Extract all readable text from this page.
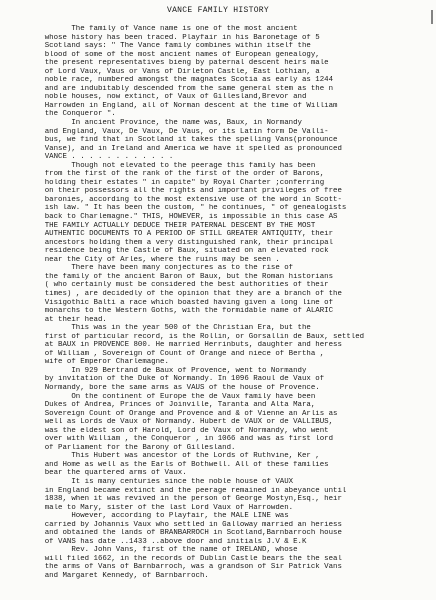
VANCE FAMILY HISTORY
The family of Vance name is one of the most ancient
whose history has been traced. Playfair in his Baronetage of 5
Scotland says: " The Vance family combines within itself the
blood of some of the most ancient names of European genealogy,
the present representatives bieng by paternal descent heirs male
of Lord Vaux, Vaus or Vans of Dirleton Castle, East Lothian, a
noble race, numbered amongst the magnates Scotia as early as 1244
and are indubitably descended from the same general stem as the n
noble houses, now extinct, of Vaux of Gillesland,Brevor and
Harrowden in England, all of Norman descent at the time of William
the Conqueror ".
In ancient Province, the name was, Baux, in Normandy
and England, Vaux, De Vaux, De Vaus, or its Latin form De Valli-
bus, we find that in Scotland it takes the spelling Vans(pronounce
Vanse), and in Ireland and America we have it spelled as pronounced
VANCE . . . . . . . . . . . .
Though not elevated to the peerage this family has been
from the first of the rank of the first of the order of Barons,
holding their estates " in capite" by Royal Charter ;conferring
on their possessors all the rights and important privileges of free
baronies, according to the most extensive use of the word in Scott-
ish law. " It has been the custom, " he continues, " of genealogists
back to Charlemagne." THIS, HOWEVER, is impossible in this case AS
THE FAMILY ACTUALLY DEDUCE THEIR PATERNAL DESCENT BY THE MOST
AUTHENTIC DOCUMENTS TO A PERIOD OF STILL GREATER ANTIQUITY, their
ancestors holding them a very distinguished rank, their principal
residence being the Castle of Baux, situated on an elevated rock
near the City of Arles, where the ruins may be seen .
There have been many conjectures as to the rise of
the family of the ancient Baron of Baux, but the Roman historians
( who certainly must be considered the best authorities of their
times) , are decidedly of the opinion that they are a branch of the
Visigothic Balti a race which boasted having given a long line of
monarchs to the Western Goths, with the formidable name of ALARIC
at their head.
This was in the year 500 of the Christian Era, but the
first of particular record, is the Rollin, or Gorsallin de Baux, settled
at BAUX in PROVENCE 800. He married Herrinbuts, daughter and heress
of William , Sovereign of Count of Orange and niece of Bertha ,
wife of Emperor Charlemagne.
In 929 Bertrand de Baux of Provence, went to Normandy
by invitation of the Duke of Normandy. In 1096 Raoul de Vaux of
Normandy, bore the same arms as VAUS of the house of Provence.
On the continent of Europe the de Vaux family have been
Dukes of Andrea, Princes of Joinville, Taranta and Alta Mara,
Sovereign Count of Orange and Provence and & of Vienne an Arlis as
well as Lords de Vaux of Normandy. Hubert de VAUX or de VALLIBUS,
was the eldest son of Harold, Lord de Vaux of Normandy, who went
over with William , the Conqueror , in 1066 and was as first lord
of Parliament for the Barony of Gillesland.
This Hubert was ancestor of the Lords of Ruthvine, Ker ,
and Home as well as the Earls of Bothwell. All of these families
bear the quartered arms of Vaux.
It is many centuries since the noble house of VAUX
in England became extinct and the peerage remained in abeyance until
1838, when it was revived in the person of George Mostyn,Esq., heir
male to Mary, sister of the last Lord Vaux of Harrowden.
However, according to Playfair, the MALE LINE was
carried by Johannis Vaux who settled in Galloway married an heriess
and obtained the lands of BRANBARROCH in Scotland,Barnbarroch house
of VANS has date ..1433 ..above door and initials J.V & E.K
Rev. John Vans, first of the name of IRELAND, whose
will filed 1662, in the records of Dublin Castle bears the the seal
the arms of Vans of Barnbarroch, was a grandson of Sir Patrick Vans
and Margaret Kennedy, of Barnbarroch.
